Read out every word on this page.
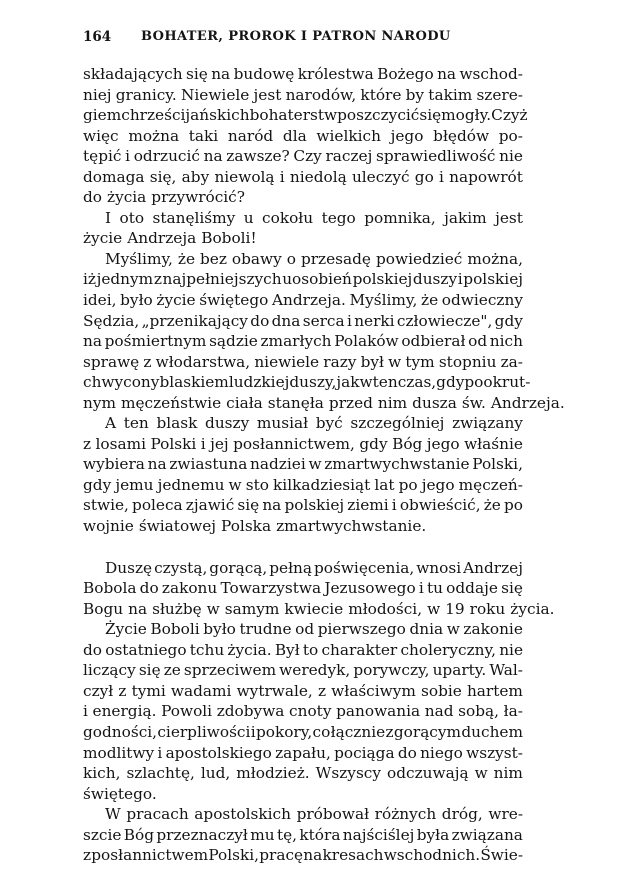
164 BOHATER, PROROK I PATRON NARODU
składających się na budowę królestwa Bożego na wschod-
niej granicy. Niewiele jest narodów, które by takim szere-
giem chrześcijańskich bohaterstw poszczycić się mogły. Czyż
więc można taki naród dla wielkich jego błędów po-
tępić i odrzucić na zawsze? Czy raczej sprawiedliwość nie
domaga się, aby niewolą i niedolą uleczyć go i napowrót
do życia przywrócić?
I oto stanęliśmy u cokołu tego pomnika, jakim jest
życie Andrzeja Boboli!
Myślimy, że bez obawy o przesadę powiedzieć można,
iż jednym z najpełniejszych uosobień polskiej duszy i polskiej
idei, było życie świętego Andrzeja. Myślimy, że odwieczny
Sędzia, „przenikający do dna serca i nerki człowiecze", gdy
na pośmiertnym sądzie zmarłych Polaków odbierał od nich
sprawę z włodarstwa, niewiele razy był w tym stopniu za-
chwycony blaskiem ludzkiej duszy, jak wtenczas, gdy po okrut-
nym męczeństwie ciała stanęła przed nim dusza św. Andrzeja.
A ten blask duszy musiał być szczególniej związany
z losami Polski i jej posłannictwem, gdy Bóg jego właśnie
wybiera na zwiastuna nadziei w zmartwychwstanie Polski,
gdy jemu jednemu w sto kilkadziesiąt lat po jego męczeń-
stwie, poleca zjawić się na polskiej ziemi i obwieścić, że po
wojnie światowej Polska zmartwychwstanie.
Duszę czystą, gorącą, pełną poświęcenia, wnosi Andrzej
Bobola do zakonu Towarzystwa Jezusowego i tu oddaje się
Bogu na służbę w samym kwiecie młodości, w 19 roku życia.
Życie Boboli było trudne od pierwszego dnia w zakonie
do ostatniego tchu życia. Był to charakter choleryczny, nie
liczący się ze sprzeciwem weredyk, porywczy, uparty. Wal-
czył z tymi wadami wytrwale, z właściwym sobie hartem
i energią. Powoli zdobywa cnoty panowania nad sobą, ła-
godności, cierpliwości i pokory, co łącznie z gorącym duchem
modlitwy i apostolskiego zapału, pociąga do niego wszyst-
kich, szlachtę, lud, młodzież. Wszyscy odczuwają w nim
świętego.
W pracach apostolskich próbował różnych dróg, wre-
szcie Bóg przeznaczył mu tę, która najściślej była związana
z posłannictwem Polski, pracę na kresach wschodnich. Świe-
